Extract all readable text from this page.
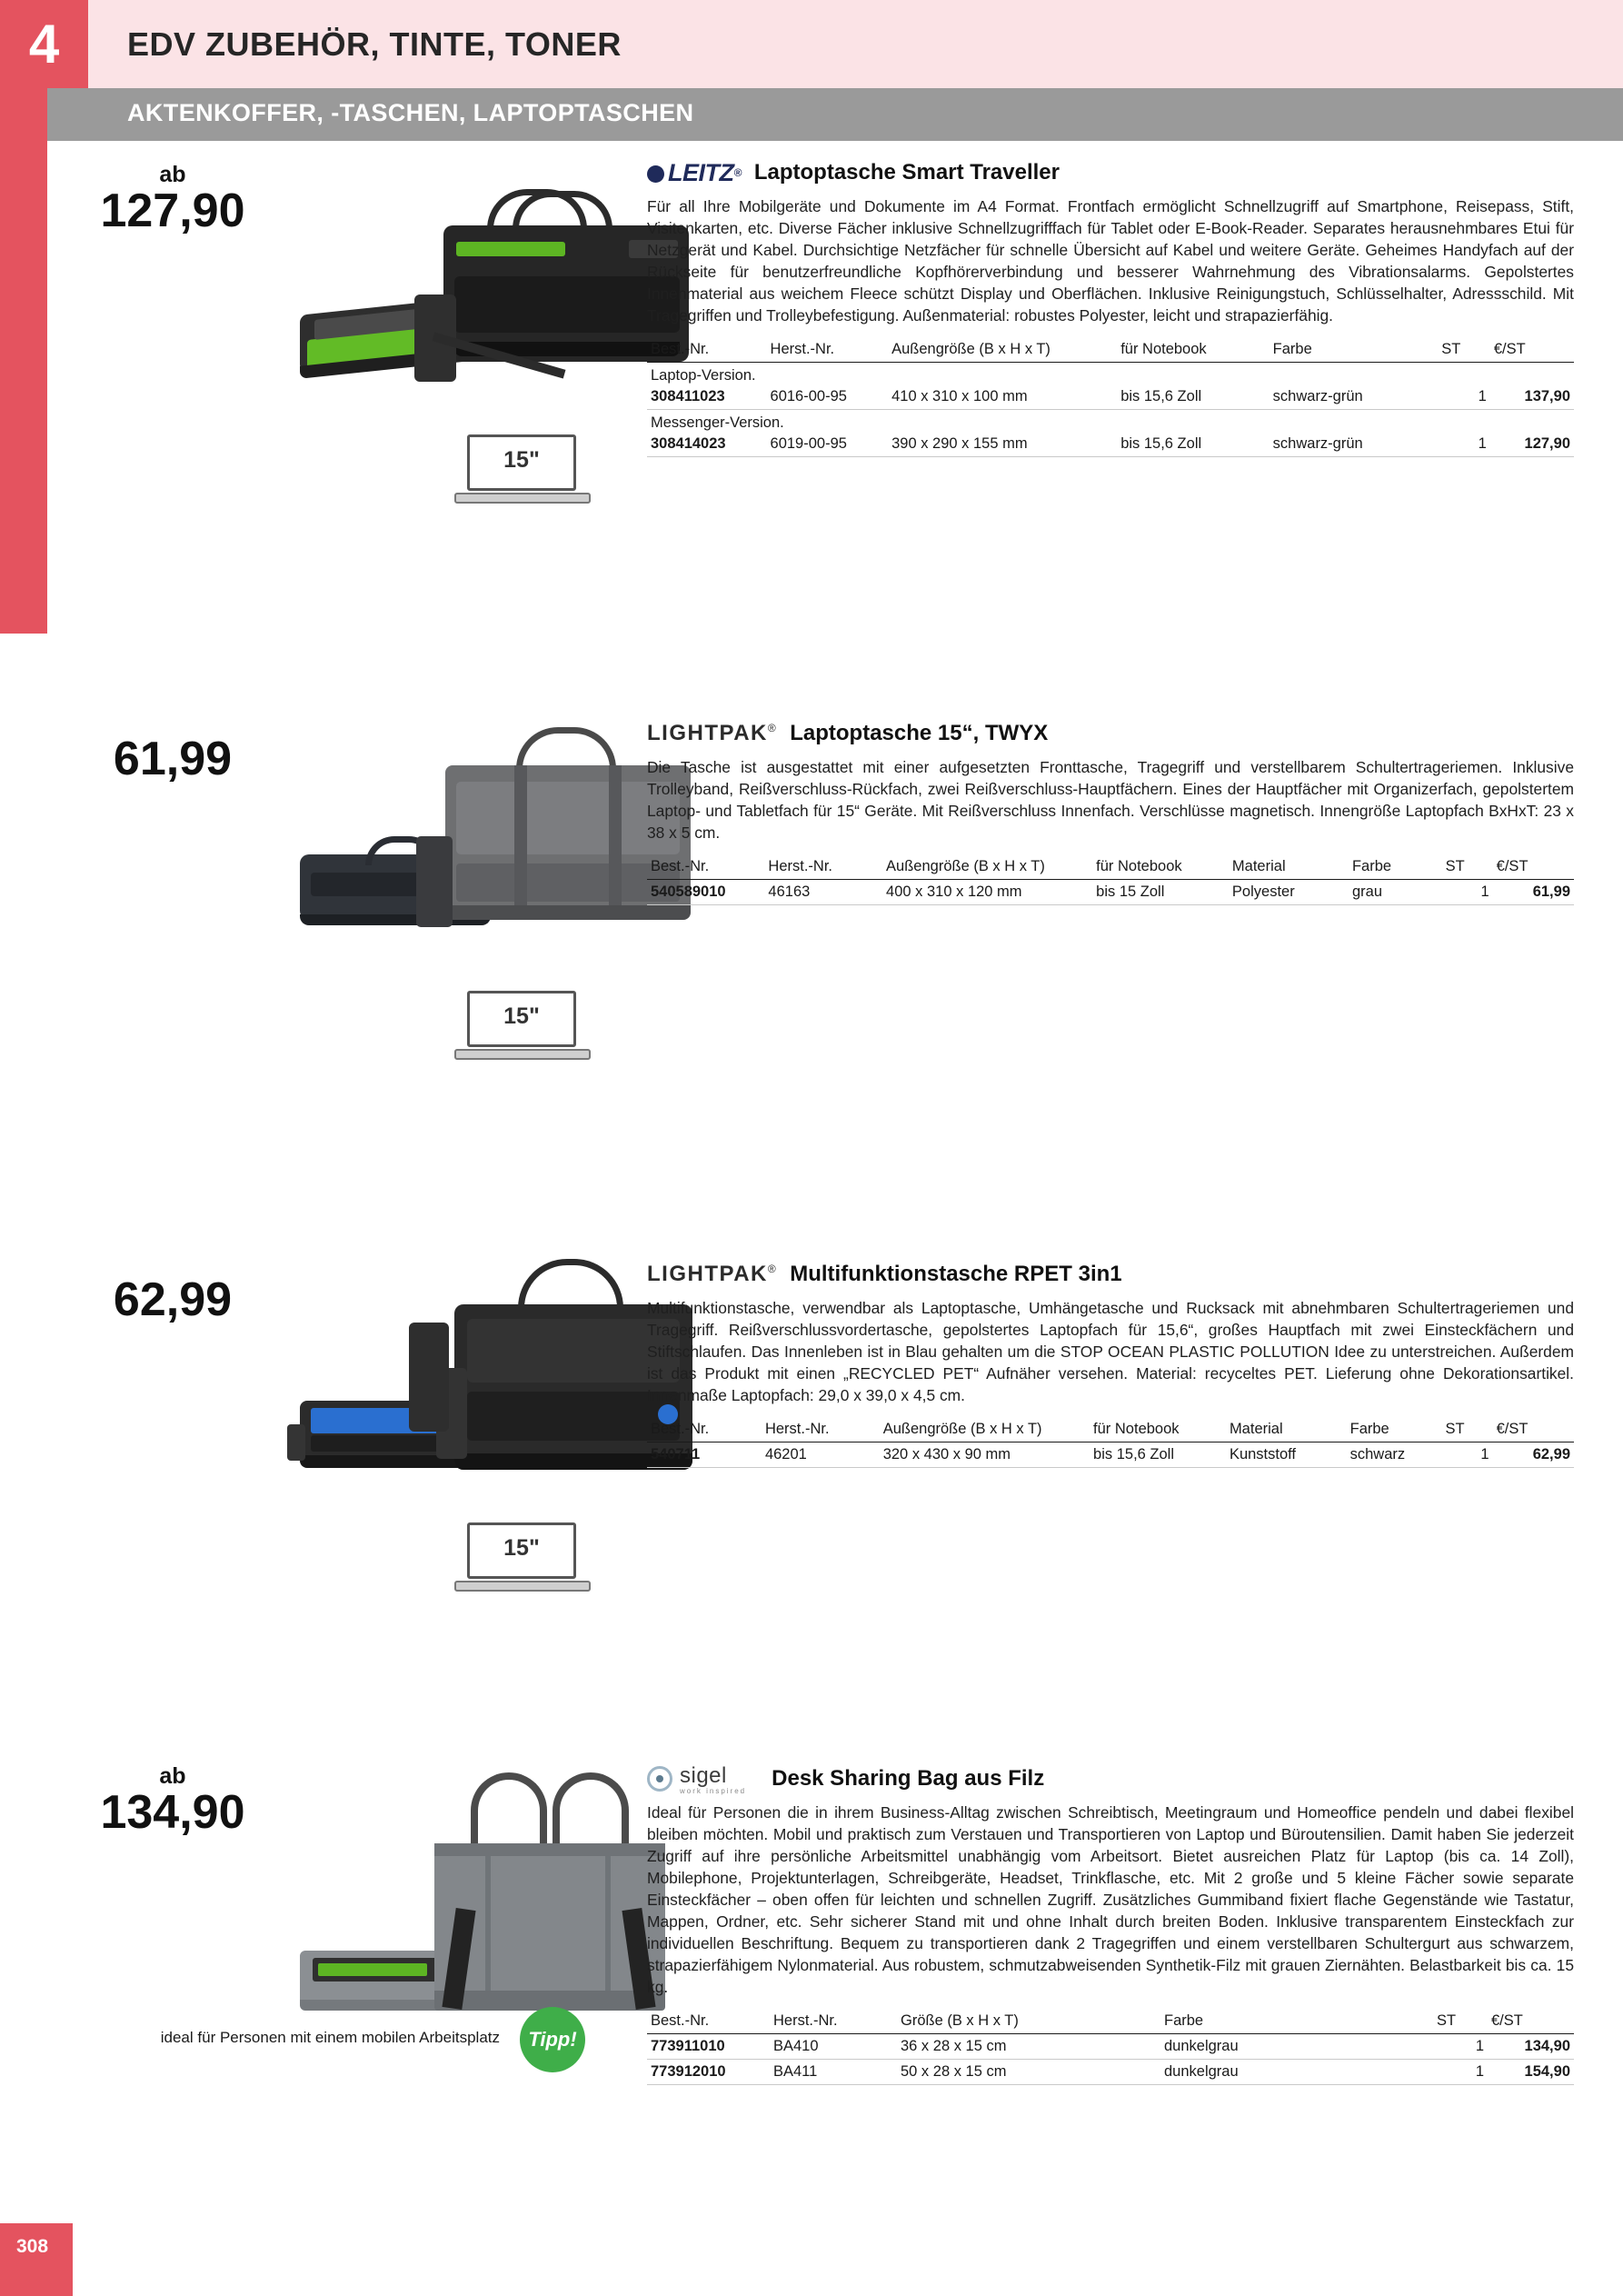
4	EDV ZUBEHÖR, TINTE, TONER
AKTENKOFFER, -TASCHEN, LAPTOPTASCHEN
308
ab
127,90
15"
LEITZ ® Laptoptasche Smart Traveller
Für all Ihre Mobilgeräte und Dokumente im A4 Format. Frontfach ermöglicht Schnellzugriff auf Smartphone, Reisepass, Stift, Visitenkarten, etc. Diverse Fächer inklusive Schnellzugrifffach für Tablet oder E-Book-Reader. Separates herausnehmbares Etui für Netzgerät und Kabel. Durchsichtige Netzfächer für schnelle Übersicht auf Kabel und weitere Geräte. Geheimes Handyfach auf der Rückseite für benutzerfreundliche Kopfhörerverbindung und besserer Wahrnehmung des Vibrationsalarms. Gepolstertes Innenmaterial aus weichem Fleece schützt Display und Oberflächen. Inklusive Reinigungstuch, Schlüsselhalter, Adressschild. Mit Tragegriffen und Trolleybefestigung. Außenmaterial: robustes Polyester, leicht und strapazierfähig.
Best.-Nr.	Herst.-Nr.	Außengröße (B x H x T)	für Notebook	Farbe	ST	€/ST
Laptop-Version.						
308411023	6016-00-95	410 x 310 x 100 mm	bis 15,6 Zoll	schwarz-grün	1	137,90
Messenger-Version.						
308414023	6019-00-95	390 x 290 x 155 mm	bis 15,6 Zoll	schwarz-grün	1	127,90
61,99
15"
LIGHTPAK® Laptoptasche 15“, TWYX
Die Tasche ist ausgestattet mit einer aufgesetzten Fronttasche, Tragegriff und verstellbarem Schultertrageriemen. Inklusive Trolleyband, Reißverschluss-Rückfach, zwei Reißverschluss-Hauptfächern. Eines der Hauptfächer mit Organizerfach, gepolstertem Laptop- und Tabletfach für 15“ Geräte. Mit Reißverschluss Innenfach. Verschlüsse magnetisch. Innengröße Laptopfach BxHxT: 23 x 38 x 5 cm.
Best.-Nr.	Herst.-Nr.	Außengröße (B x H x T)	für Notebook	Material	Farbe	ST	€/ST
540589010	46163	400 x 310 x 120 mm	bis 15 Zoll	Polyester	grau	1	61,99
62,99
15"
LIGHTPAK® Multifunktionstasche RPET 3in1
Multifunktionstasche, verwendbar als Laptoptasche, Umhängetasche und Rucksack mit abnehmbaren Schultertrageriemen und Tragegriff. Reißverschlussvordertasche, gepolstertes Laptopfach für 15,6“, großes Hauptfach mit zwei Einsteckfächern und Stiftschlaufen. Das Innenleben ist in Blau gehalten um die STOP OCEAN PLASTIC POLLUTION Idee zu unterstreichen. Außerdem ist das Produkt mit einen „RECYCLED PET“ Aufnäher versehen. Material: recyceltes PET. Lieferung ohne Dekorationsartikel. Innenmaße Laptopfach: 29,0 x 39,0 x 4,5 cm.
Best.-Nr.	Herst.-Nr.	Außengröße (B x H x T)	für Notebook	Material	Farbe	ST	€/ST
540711	46201	320 x 430 x 90 mm	bis 15,6 Zoll	Kunststoff	schwarz	1	62,99
ab
134,90
ideal für Personen mit einem mobilen Arbeitsplatz	Tipp!
sigel
work inspired Desk Sharing Bag aus Filz
Ideal für Personen die in ihrem Business-Alltag zwischen Schreibtisch, Meetingraum und Homeoffice pendeln und dabei flexibel bleiben möchten. Mobil und praktisch zum Verstauen und Transportieren von Laptop und Büroutensilien. Damit haben Sie jederzeit Zugriff auf ihre persönliche Arbeitsmittel unabhängig vom Arbeitsort. Bietet ausreichen Platz für Laptop (bis ca. 14 Zoll), Mobilephone, Projektunterlagen, Schreibgeräte, Headset, Trinkflasche, etc. Mit 2 große und 5 kleine Fächer sowie separate Einsteckfächer – oben offen für leichten und schnellen Zugriff. Zusätzliches Gummiband fixiert flache Gegenstände wie Tastatur, Mappen, Ordner, etc. Sehr sicherer Stand mit und ohne Inhalt durch breiten Boden. Inklusive transparentem Einsteckfach zur individuellen Beschriftung. Bequem zu transportieren dank 2 Tragegriffen und einem verstellbaren Schultergurt aus schwarzem, strapazierfähigem Nylonmaterial. Aus robustem, schmutzabweisenden Synthetik-Filz mit grauen Ziernähten. Belastbarkeit bis ca. 15 kg.
Best.-Nr.	Herst.-Nr.	Größe (B x H x T)	Farbe	ST	€/ST
773911010	BA410	36 x 28 x 15 cm	dunkelgrau	1	134,90
773912010	BA411	50 x 28 x 15 cm	dunkelgrau	1	154,90
